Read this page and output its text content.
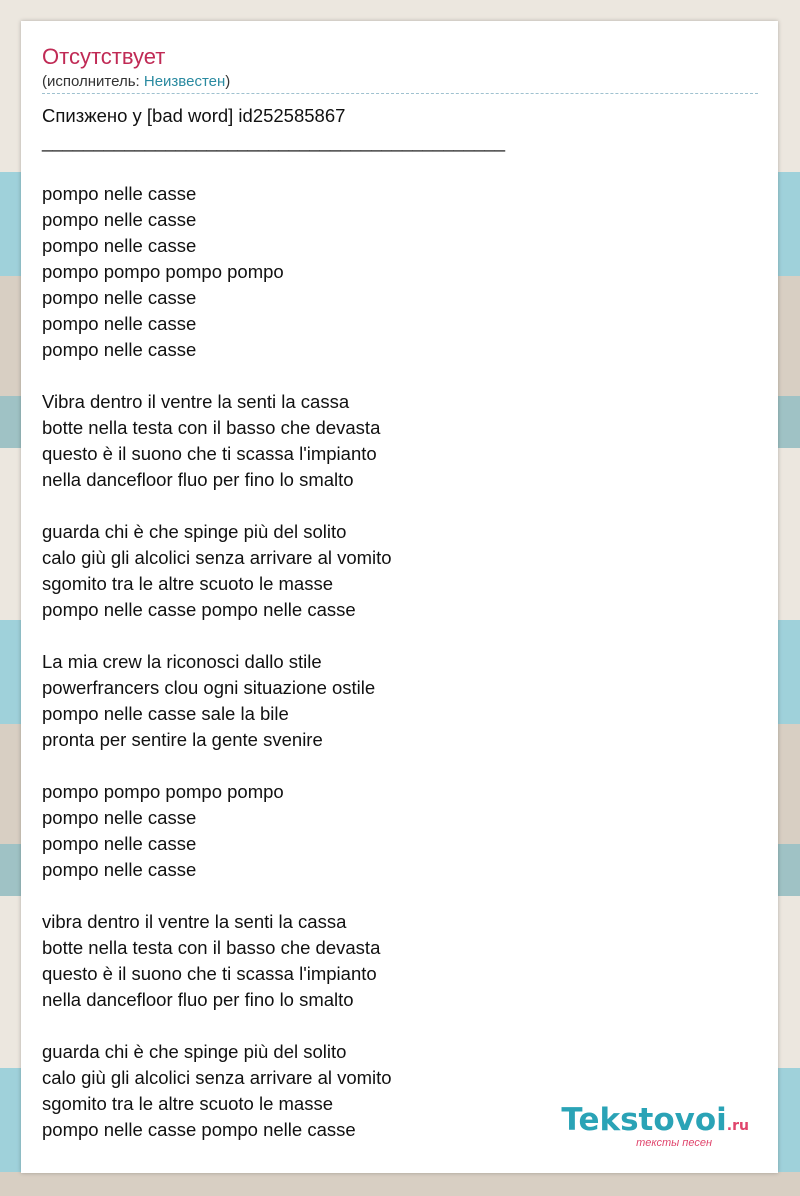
Отсутствует
(исполнитель: Неизвестен)
Спизжено у [bad word] id252585867
_____________________________________________

pompo nelle casse
pompo nelle casse
pompo nelle casse
pompo pompo pompo pompo
pompo nelle casse
pompo nelle casse
pompo nelle casse

Vibra dentro il ventre la senti la cassa
botte nella testa con il basso che devasta
questo è il suono che ti scassa l'impianto
nella dancefloor fluo per fino lo smalto

guarda chi è che spinge più del solito
calo giù gli alcolici senza arrivare al vomito
sgomito tra le altre scuoto le masse
pompo nelle casse pompo nelle casse

La mia crew la riconosci dallo stile
powerfrancers clou ogni situazione ostile
pompo nelle casse sale la bile
pronta per sentire la gente svenire

pompo pompo pompo pompo
pompo nelle casse
pompo nelle casse
pompo nelle casse

vibra dentro il ventre la senti la cassa
botte nella testa con il basso che devasta
questo è il suono che ti scassa l'impianto
nella dancefloor fluo per fino lo smalto

guarda chi è che spinge più del solito
calo giù gli alcolici senza arrivare al vomito
sgomito tra le altre scuoto le masse
pompo nelle casse pompo nelle casse	Tekstovoi.ru
тексты песен
